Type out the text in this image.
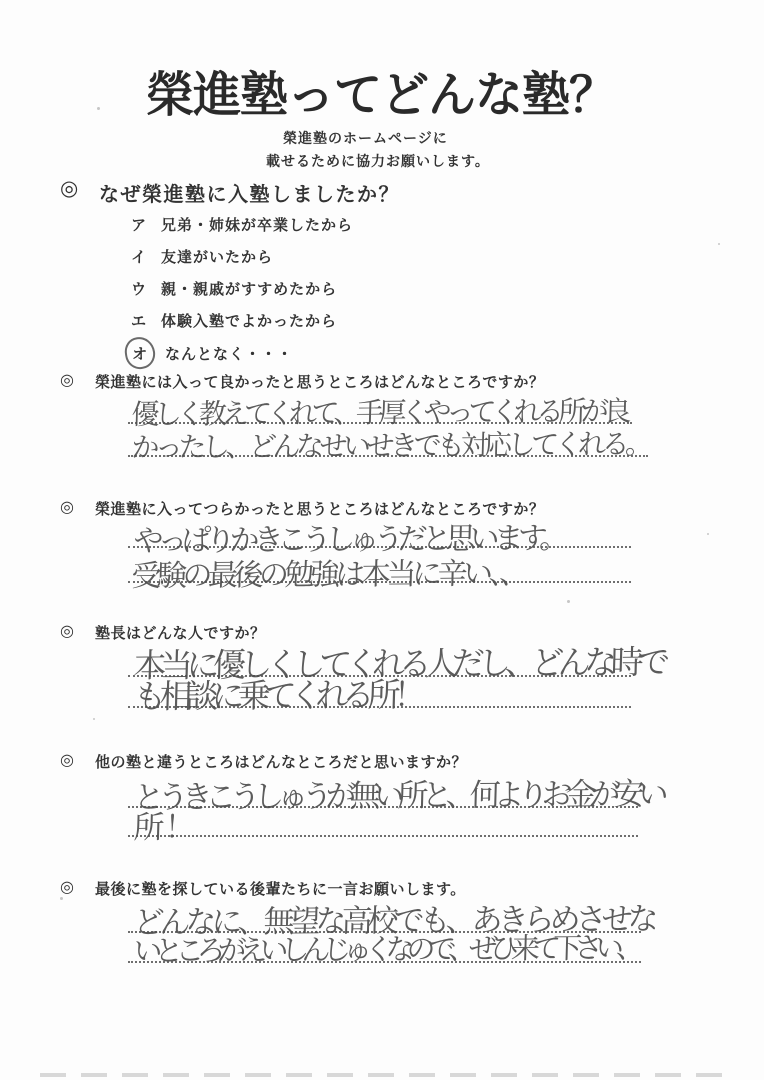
榮進塾ってどんな塾？
榮進塾のホームページに
載せるために協力お願いします。
◎ なぜ榮進塾に入塾しましたか？
ア 兄弟・姉妹が卒業したから
イ 友達がいたから
ウ 親・親戚がすすめたから
エ 体験入塾でよかったから
オ なんとなく・・・
◎ 榮進塾には入って良かったと思うところはどんなところですか？
優しく教えてくれて、手厚くやってくれる所が良
かったし、どんなせいせきでも対応してくれる。
◎ 榮進塾に入ってつらかったと思うところはどんなところですか？
やっぱりかきこうしゅうだと思います。
受験の最後の勉強は本当に辛い、、
◎ 塾長はどんな人ですか？
本当に優しくしてくれる人だし、どんな時で
も相談に乗てくれる所！
◎ 他の塾と違うところはどんなところだと思いますか？
とうきこうしゅうが無い所と、何よりお金が安い
所！
◎ 最後に塾を探している後輩たちに一言お願いします。
どんなに、無望な高校でも、あきらめさせな
いところがえいしんじゅくなので、ぜひ来て下さい、
